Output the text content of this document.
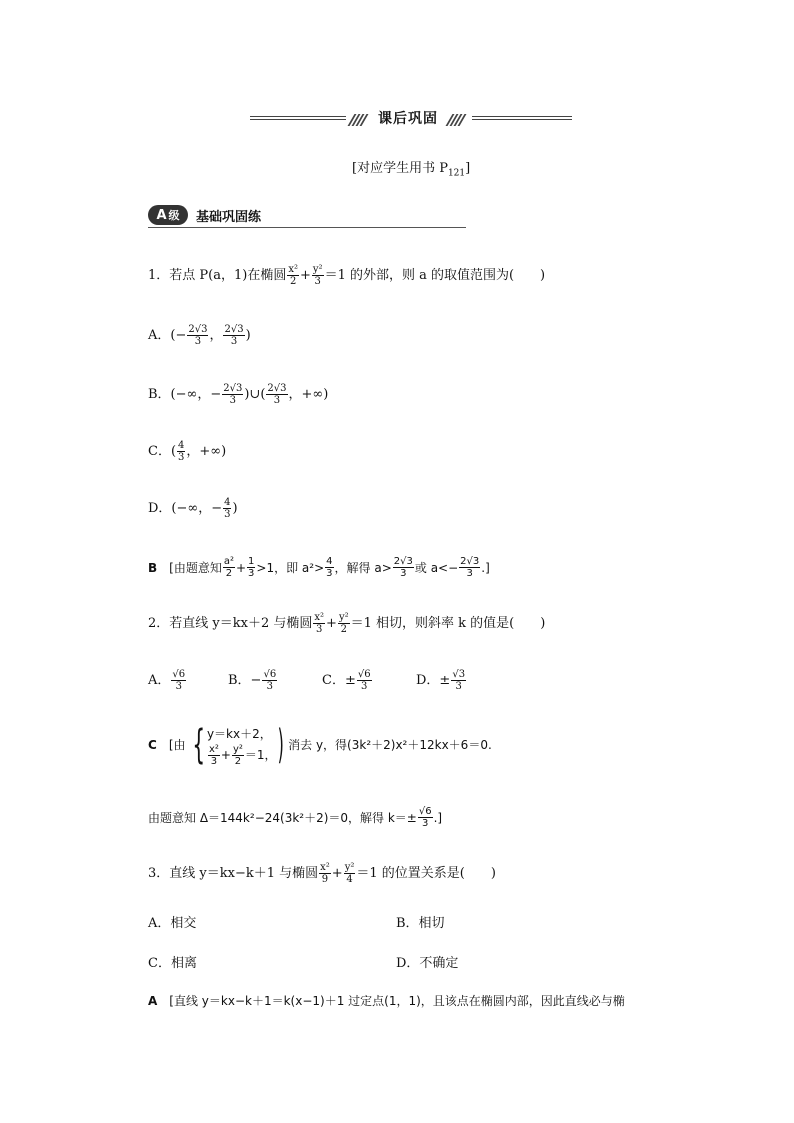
课后巩固
[对应学生用书 $P_{121}$]
A 级 基础巩固练
1．若点 P(a，1)在椭圆 $\frac{\text{x²}}{2} + \frac{\text{y²}}{3} =1$ 的外部，则 a 的取值范围为(　　)
A．(− $\frac{2√3}{3}$ ， $\frac{2√3}{3}$ )
B．(−∞，− $\frac{2√3}{3}$ )∪( $\frac{2√3}{3}$ ，+∞)
C．( $\frac{4}{3}$ ，+∞)
D．(−∞，− $\frac{4}{3}$ )
B [由题意知 $\frac{\text{a²}}{2} + \frac{1}{3} >1$，即 $a^2> \frac{4}{3}$ ，解得 $a> \frac{2√3}{3}$ 或 $a<- \frac{2√3}{3}$ .]
2．若直线 y＝kx＋2 与椭圆 $\frac{\text{x²}}{3} + \frac{\text{y²}}{2} =1$ 相切，则斜率 k 的值是(　　)
A． $\frac{√6}{3}$	B．− $\frac{√6}{3}$	C．± $\frac{√6}{3}$	D．± $\frac{√3}{3}$
C [由 { y＝kx＋2，
$\frac{\text{x²}}{3} + \frac{\text{y²}}{2} =1$， ) 消去 y，得(3k²＋2)x²＋12kx＋6＝0.
由题意知 Δ＝144k²−24(3k²＋2)＝0，解得 $k=\pm \frac{√6}{3}$ .]
3．直线 y＝kx−k＋1 与椭圆 $\frac{\text{x²}}{9} + \frac{\text{y²}}{4} =1$ 的位置关系是(　　)
A．相交	B．相切
C．相离	D．不确定
A [直线 y＝kx−k＋1＝k(x−1)＋1 过定点(1，1)，且该点在椭圆内部，因此直线必与椭
